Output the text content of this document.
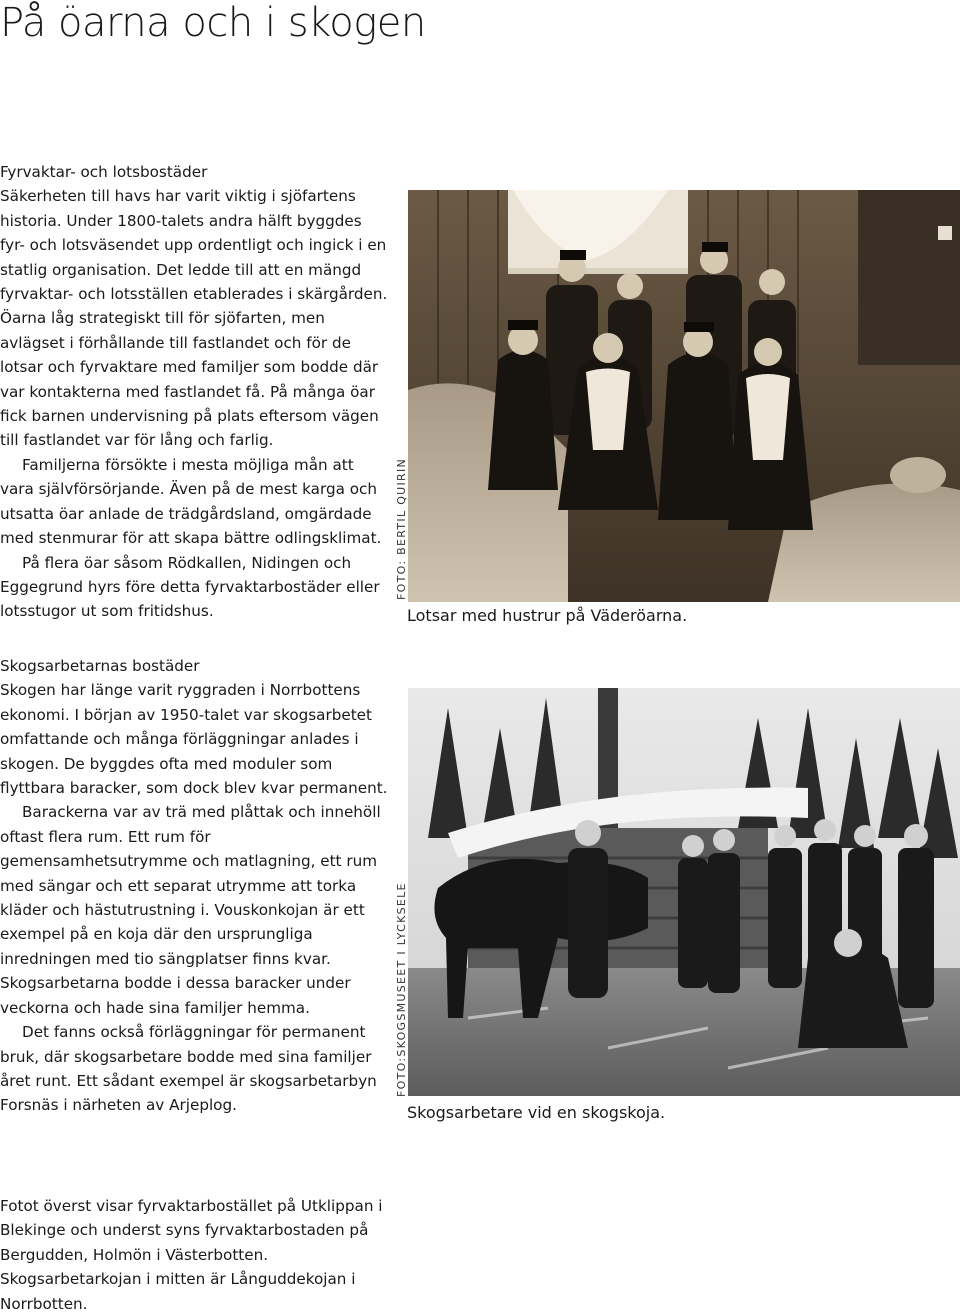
På öarna och i skogen

Fyrvaktar- och lotsbostäder

Säkerheten till havs har varit viktig i sjöfartens historia. Under 1800-talets andra hälft byggdes fyr- och lotsväsendet upp ordentligt och ingick i en statlig organisation. Det ledde till att en mängd fyrvaktar- och lotsställen etablerades i skärgården. Öarna låg strategiskt till för sjöfarten, men avlägset i förhållande till fastlandet och för de lotsar och fyrvaktare med familjer som bodde där var kontakterna med fastlandet få. På många öar fick barnen undervisning på plats eftersom vägen till fastlandet var för lång och farlig.

Familjerna försökte i mesta möjliga mån att vara självförsörjande. Även på de mest karga och utsatta öar anlade de trädgårdsland, omgärdade med stenmurar för att skapa bättre odlingsklimat.

På flera öar såsom Rödkallen, Nidingen och Eggegrund hyrs före detta fyrvaktarbostäder eller lotsstugor ut som fritidshus.

FOTO: BERTIL QUIRIN
Lotsar med hustrur på Väderöarna.

Skogsarbetarnas bostäder

Skogen har länge varit ryggraden i Norrbottens ekonomi. I början av 1950-talet var skogsarbetet omfattande och många förläggningar anlades i skogen. De byggdes ofta med moduler som flyttbara baracker, som dock blev kvar permanent.

Barackerna var av trä med plåttak och innehöll oftast flera rum. Ett rum för gemensamhetsutrymme och matlagning, ett rum med sängar och ett separat utrymme att torka kläder och hästutrustning i. Vouskonkojan är ett exempel på en koja där den ursprungliga inredningen med tio sängplatser finns kvar. Skogsarbetarna bodde i dessa baracker under veckorna och hade sina familjer hemma.

Det fanns också förläggningar för permanent bruk, där skogsarbetare bodde med sina familjer året runt. Ett sådant exempel är skogsarbetarbyn Forsnäs i närheten av Arjeplog.

FOTO:SKOGSMUSEET I LYCKSELE
Skogsarbetare vid en skogskoja.

Fotot överst visar fyrvaktarbostället på Utklippan i Blekinge och underst syns fyrvaktarbostaden på Bergudden, Holmön i Västerbotten. Skogsarbetarkojan i mitten är Långuddekojan i Norrbotten.
